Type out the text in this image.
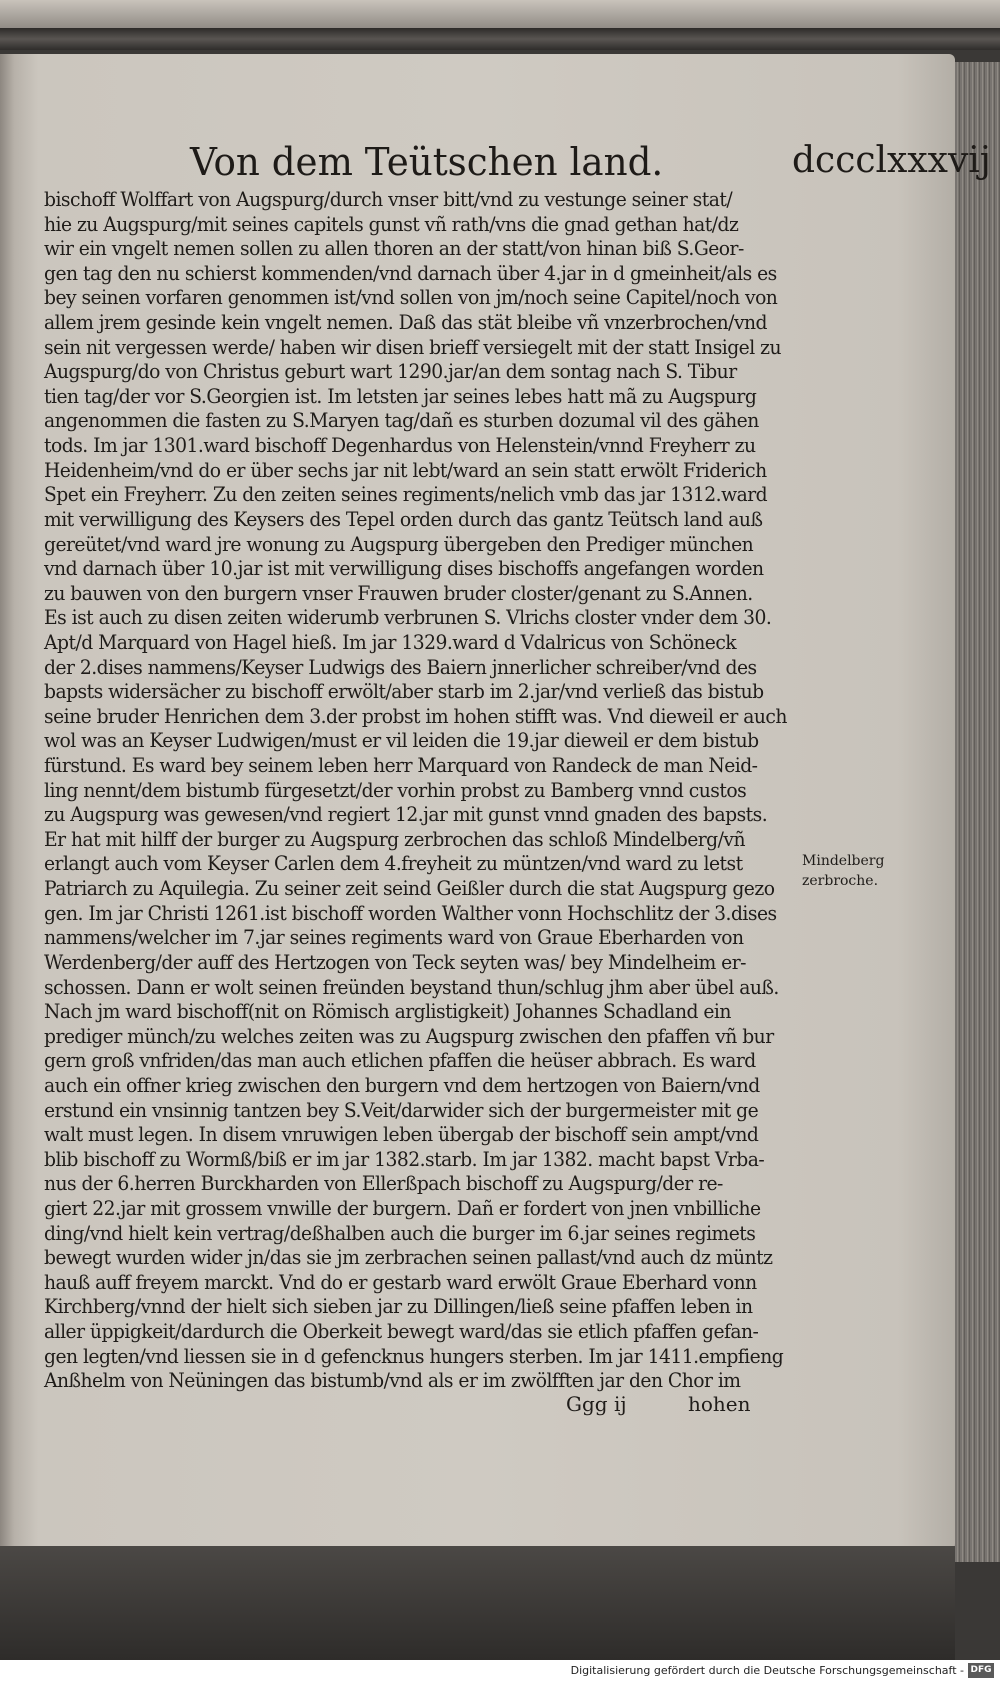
Von dem Teütschen land.	dccclxxxvij
bischoff Wolffart von Augspurg/durch vnser bitt/vnd zu vestunge seiner stat/
hie zu Augspurg/mit seines capitels gunst vñ rath/vns die gnad gethan hat/dz
wir ein vngelt nemen sollen zu allen thoren an der statt/von hinan biß S.Geor-
gen tag den nu schierst kommenden/vnd darnach über 4.jar in d gmeinheit/als es
bey seinen vorfaren genommen ist/vnd sollen von jm/noch seine Capitel/noch von
allem jrem gesinde kein vngelt nemen. Daß das stät bleibe vñ vnzerbrochen/vnd
sein nit vergessen werde/ haben wir disen brieff versiegelt mit der statt Insigel zu
Augspurg/do von Christus geburt wart 1290.jar/an dem sontag nach S. Tibur
tien tag/der vor S.Georgien ist. Im letsten jar seines lebes hatt mã zu Augspurg
angenommen die fasten zu S.Maryen tag/dañ es sturben dozumal vil des gähen
tods. Im jar 1301.ward bischoff Degenhardus von Helenstein/vnnd Freyherr zu
Heidenheim/vnd do er über sechs jar nit lebt/ward an sein statt erwölt Friderich
Spet ein Freyherr. Zu den zeiten seines regiments/nelich vmb das jar 1312.ward
mit verwilligung des Keysers des Tepel orden durch das gantz Teütsch land auß
gereütet/vnd ward jre wonung zu Augspurg übergeben den Prediger münchen
vnd darnach über 10.jar ist mit verwilligung dises bischoffs angefangen worden
zu bauwen von den burgern vnser Frauwen bruder closter/genant zu S.Annen.
Es ist auch zu disen zeiten widerumb verbrunen S. Vlrichs closter vnder dem 30.
Apt/d Marquard von Hagel hieß. Im jar 1329.ward d Vdalricus von Schöneck
der 2.dises nammens/Keyser Ludwigs des Baiern jnnerlicher schreiber/vnd des
bapsts widersächer zu bischoff erwölt/aber starb im 2.jar/vnd verließ das bistub
seine bruder Henrichen dem 3.der probst im hohen stifft was. Vnd dieweil er auch
wol was an Keyser Ludwigen/must er vil leiden die 19.jar dieweil er dem bistub
fürstund. Es ward bey seinem leben herr Marquard von Randeck de man Neid-
ling nennt/dem bistumb fürgesetzt/der vorhin probst zu Bamberg vnnd custos
zu Augspurg was gewesen/vnd regiert 12.jar mit gunst vnnd gnaden des bapsts.
Er hat mit hilff der burger zu Augspurg zerbrochen das schloß Mindelberg/vñ
erlangt auch vom Keyser Carlen dem 4.freyheit zu müntzen/vnd ward zu letst
Patriarch zu Aquilegia. Zu seiner zeit seind Geißler durch die stat Augspurg gezo
gen. Im jar Christi 1261.ist bischoff worden Walther vonn Hochschlitz der 3.dises
nammens/welcher im 7.jar seines regiments ward von Graue Eberharden von
Werdenberg/der auff des Hertzogen von Teck seyten was/ bey Mindelheim er-
schossen. Dann er wolt seinen freünden beystand thun/schlug jhm aber übel auß.
Nach jm ward bischoff(nit on Römisch arglistigkeit) Johannes Schadland ein
prediger münch/zu welches zeiten was zu Augspurg zwischen den pfaffen vñ bur
gern groß vnfriden/das man auch etlichen pfaffen die heüser abbrach. Es ward
auch ein offner krieg zwischen den burgern vnd dem hertzogen von Baiern/vnd
erstund ein vnsinnig tantzen bey S.Veit/darwider sich der burgermeister mit ge
walt must legen. In disem vnruwigen leben übergab der bischoff sein ampt/vnd
blib bischoff zu Wormß/biß er im jar 1382.starb. Im jar 1382. macht bapst Vrba-
nus der 6.herren Burckharden von Ellerßpach bischoff zu Augspurg/der re-
giert 22.jar mit grossem vnwille der burgern. Dañ er fordert von jnen vnbilliche
ding/vnd hielt kein vertrag/deßhalben auch die burger im 6.jar seines regimets
bewegt wurden wider jn/das sie jm zerbrachen seinen pallast/vnd auch dz müntz
hauß auff freyem marckt. Vnd do er gestarb ward erwölt Graue Eberhard vonn
Kirchberg/vnnd der hielt sich sieben jar zu Dillingen/ließ seine pfaffen leben in
aller üppigkeit/dardurch die Oberkeit bewegt ward/das sie etlich pfaffen gefan-
gen legten/vnd liessen sie in d gefencknus hungers sterben. Im jar 1411.empfieng
Anßhelm von Neüningen das bistumb/vnd als er im zwölfften jar den Chor im
Ggg ij	hohen
Mindelberg
zerbroche.
Digitalisierung gefördert durch die Deutsche Forschungsgemeinschaft - DFG
